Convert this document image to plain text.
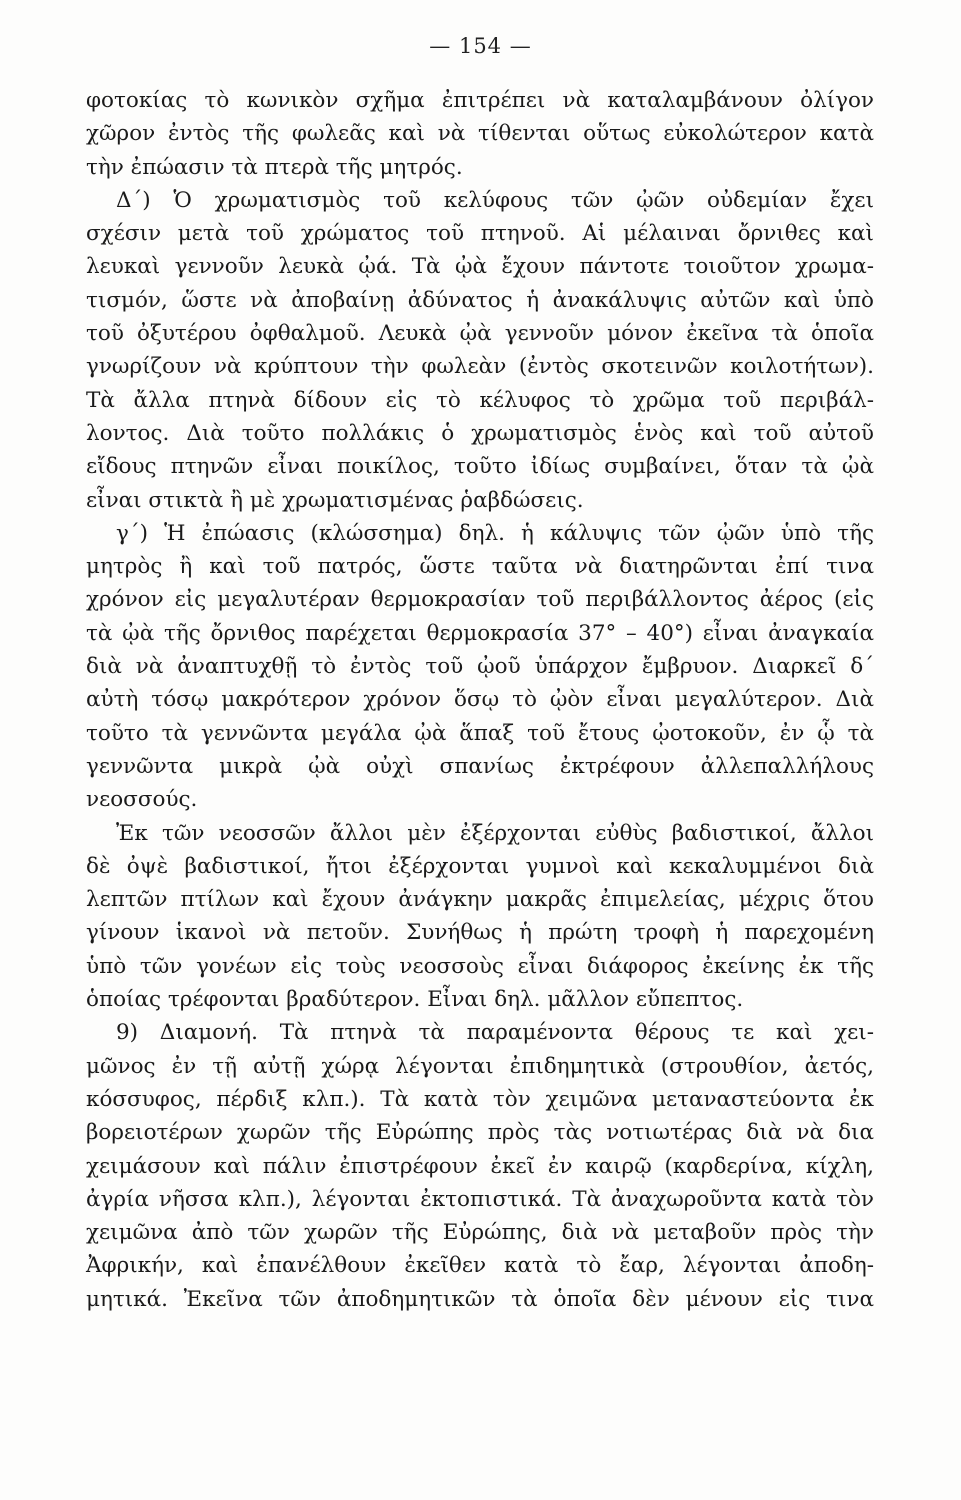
— 154 —
φοτοκίας τὸ κωνικὸν σχῆμα ἐπιτρέπει νὰ καταλαμβάνουν ὀλίγον
χῶρον ἐντὸς τῆς φωλεᾶς καὶ νὰ τίθενται οὕτως εὐκολώτερον κατὰ
τὴν ἐπώασιν τὰ πτερὰ τῆς μητρός.
Δ΄) Ὁ χρωματισμὸς τοῦ κελύφους τῶν ᾠῶν οὐδεμίαν ἔχει
σχέσιν μετὰ τοῦ χρώματος τοῦ πτηνοῦ. Αἱ μέλαιναι ὄρνιθες καὶ
λευκαὶ γεννοῦν λευκὰ ᾠά. Τὰ ᾠὰ ἔχουν πάντοτε τοιοῦτον χρωμα-
τισμόν, ὥστε νὰ ἀποβαίνῃ ἀδύνατος ἡ ἀνακάλυψις αὐτῶν καὶ ὑπὸ
τοῦ ὀξυτέρου ὀφθαλμοῦ. Λευκὰ ᾠὰ γεννοῦν μόνον ἐκεῖνα τὰ ὁποῖα
γνωρίζουν νὰ κρύπτουν τὴν φωλεὰν (ἐντὸς σκοτεινῶν κοιλοτήτων).
Τὰ ἄλλα πτηνὰ δίδουν εἰς τὸ κέλυφος τὸ χρῶμα τοῦ περιβάλ-
λοντος. Διὰ τοῦτο πολλάκις ὁ χρωματισμὸς ἑνὸς καὶ τοῦ αὐτοῦ
εἴδους πτηνῶν εἶναι ποικίλος, τοῦτο ἰδίως συμβαίνει, ὅταν τὰ ᾠὰ
εἶναι στικτὰ ἢ μὲ χρωματισμένας ῥαβδώσεις.
γ΄) Ἡ ἐπώασις (κλώσσημα) δηλ. ἡ κάλυψις τῶν ᾠῶν ὑπὸ τῆς
μητρὸς ἢ καὶ τοῦ πατρός, ὥστε ταῦτα νὰ διατηρῶνται ἐπί τινα
χρόνον εἰς μεγαλυτέραν θερμοκρασίαν τοῦ περιβάλλοντος ἀέρος (εἰς
τὰ ᾠὰ τῆς ὄρνιθος παρέχεται θερμοκρασία 37° – 40°) εἶναι ἀναγκαία
διὰ νὰ ἀναπτυχθῇ τὸ ἐντὸς τοῦ ᾠοῦ ὑπάρχον ἔμβρυον. Διαρκεῖ δ΄
αὐτὴ τόσῳ μακρότερον χρόνον ὅσῳ τὸ ᾠὸν εἶναι μεγαλύτερον. Διὰ
τοῦτο τὰ γεννῶντα μεγάλα ᾠὰ ἅπαξ τοῦ ἔτους ᾠοτοκοῦν, ἐν ᾧ τὰ
γεννῶντα μικρὰ ᾠὰ οὐχὶ σπανίως ἐκτρέφουν ἀλλεπαλλήλους
νεοσσούς.
Ἐκ τῶν νεοσσῶν ἄλλοι μὲν ἐξέρχονται εὐθὺς βαδιστικοί, ἄλλοι
δὲ ὀψὲ βαδιστικοί, ἤτοι ἐξέρχονται γυμνοὶ καὶ κεκαλυμμένοι διὰ
λεπτῶν πτίλων καὶ ἔχουν ἀνάγκην μακρᾶς ἐπιμελείας, μέχρις ὅτου
γίνουν ἱκανοὶ νὰ πετοῦν. Συνήθως ἡ πρώτη τροφὴ ἡ παρεχομένη
ὑπὸ τῶν γονέων εἰς τοὺς νεοσσοὺς εἶναι διάφορος ἐκείνης ἐκ τῆς
ὁποίας τρέφονται βραδύτερον. Εἶναι δηλ. μᾶλλον εὔπεπτος.
9) Διαμονή. Τὰ πτηνὰ τὰ παραμένοντα θέρους τε καὶ χει-
μῶνος ἐν τῇ αὐτῇ χώρᾳ λέγονται ἐπιδημητικὰ (στρουθίον, ἀετός,
κόσσυφος, πέρδιξ κλπ.). Τὰ κατὰ τὸν χειμῶνα μεταναστεύοντα ἐκ
βορειοτέρων χωρῶν τῆς Εὐρώπης πρὸς τὰς νοτιωτέρας διὰ νὰ δια
χειμάσουν καὶ πάλιν ἐπιστρέφουν ἐκεῖ ἐν καιρῷ (καρδερίνα, κίχλη,
ἀγρία νῆσσα κλπ.), λέγονται ἐκτοπιστικά. Τὰ ἀναχωροῦντα κατὰ τὸν
χειμῶνα ἀπὸ τῶν χωρῶν τῆς Εὐρώπης, διὰ νὰ μεταβοῦν πρὸς τὴν
Ἀφρικήν, καὶ ἐπανέλθουν ἐκεῖθεν κατὰ τὸ ἔαρ, λέγονται ἀποδη-
μητικά. Ἐκεῖνα τῶν ἀποδημητικῶν τὰ ὁποῖα δὲν μένουν εἰς τινα
